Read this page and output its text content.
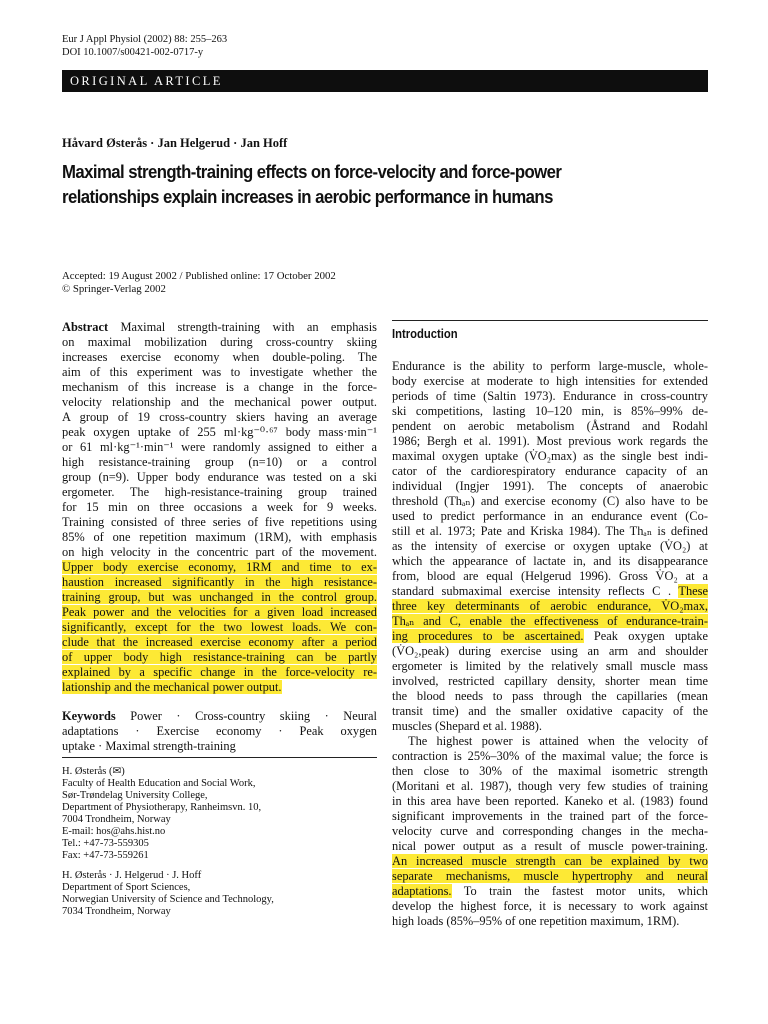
Eur J Appl Physiol (2002) 88: 255–263
DOI 10.1007/s00421-002-0717-y
ORIGINAL ARTICLE
Håvard Østerås · Jan Helgerud · Jan Hoff
Maximal strength-training effects on force-velocity and force-power
relationships explain increases in aerobic performance in humans
Accepted: 19 August 2002 / Published online: 17 October 2002
© Springer-Verlag 2002

Abstract Maximal strength-training with an emphasis
on maximal mobilization during cross-country skiing
increases exercise economy when double-poling. The
aim of this experiment was to investigate whether the
mechanism of this increase is a change in the force-
velocity relationship and the mechanical power output.
A group of 19 cross-country skiers having an average
peak oxygen uptake of 255 ml·kg⁻⁰·⁶⁷ body mass·min⁻¹
or 61 ml·kg⁻¹·min⁻¹ were randomly assigned to either a
high resistance-training group (n=10) or a control
group (n=9). Upper body endurance was tested on a ski
ergometer. The high-resistance-training group trained
for 15 min on three occasions a week for 9 weeks.
Training consisted of three series of five repetitions using
85% of one repetition maximum (1RM), with emphasis
on high velocity in the concentric part of the movement.
Upper body exercise economy, 1RM and time to ex-
haustion increased significantly in the high resistance-
training group, but was unchanged in the control group.
Peak power and the velocities for a given load increased
significantly, except for the two lowest loads. We con-
clude that the increased exercise economy after a period
of upper body high resistance-training can be partly
explained by a specific change in the force-velocity re-
lationship and the mechanical power output.

Keywords Power · Cross-country skiing · Neural
adaptations · Exercise economy · Peak oxygen
uptake · Maximal strength-training

H. Østerås (✉)
Faculty of Health Education and Social Work,
Sør-Trøndelag University College,
Department of Physiotherapy, Ranheimsvn. 10,
7004 Trondheim, Norway
E-mail: hos@ahs.hist.no
Tel.: +47-73-559305
Fax: +47-73-559261
H. Østerås · J. Helgerud · J. Hoff
Department of Sport Sciences,
Norwegian University of Science and Technology,
7034 Trondheim, Norway
Introduction

Endurance is the ability to perform large-muscle, whole-
body exercise at moderate to high intensities for extended
periods of time (Saltin 1973). Endurance in cross-country
ski competitions, lasting 10–120 min, is 85%–99% de-
pendent on aerobic metabolism (Åstrand and Rodahl
1986; Bergh et al. 1991). Most previous work regards the
maximal oxygen uptake (V̇O₂max) as the single best indi-
cator of the cardiorespiratory endurance capacity of an
individual (Ingjer 1991). The concepts of anaerobic
threshold (Thₐₙ) and exercise economy (C) also have to be
used to predict performance in an endurance event (Co-
still et al. 1973; Pate and Kriska 1984). The Thₐₙ is defined
as the intensity of exercise or oxygen uptake (V̇O₂) at
which the appearance of lactate in, and its disappearance
from, blood are equal (Helgerud 1996). Gross V̇O₂ at a
standard submaximal exercise intensity reflects C . These
three key determinants of aerobic endurance, V̇O₂max,
Thₐₙ and C, enable the effectiveness of endurance-train-
ing procedures to be ascertained. Peak oxygen uptake
(V̇O₂,peak) during exercise using an arm and shoulder
ergometer is limited by the relatively small muscle mass
involved, restricted capillary density, shorter mean time
the blood needs to pass through the capillaries (mean
transit time) and the smaller oxidative capacity of the
muscles (Shepard et al. 1988).

The highest power is attained when the velocity of
contraction is 25%–30% of the maximal value; the force is
then close to 30% of the maximal isometric strength
(Moritani et al. 1987), though very few studies of training
in this area have been reported. Kaneko et al. (1983) found
significant improvements in the trained part of the force-
velocity curve and corresponding changes in the mecha-
nical power output as a result of muscle power-training.
An increased muscle strength can be explained by two
separate mechanisms, muscle hypertrophy and neural
adaptations. To train the fastest motor units, which
develop the highest force, it is necessary to work against
high loads (85%–95% of one repetition maximum, 1RM).
